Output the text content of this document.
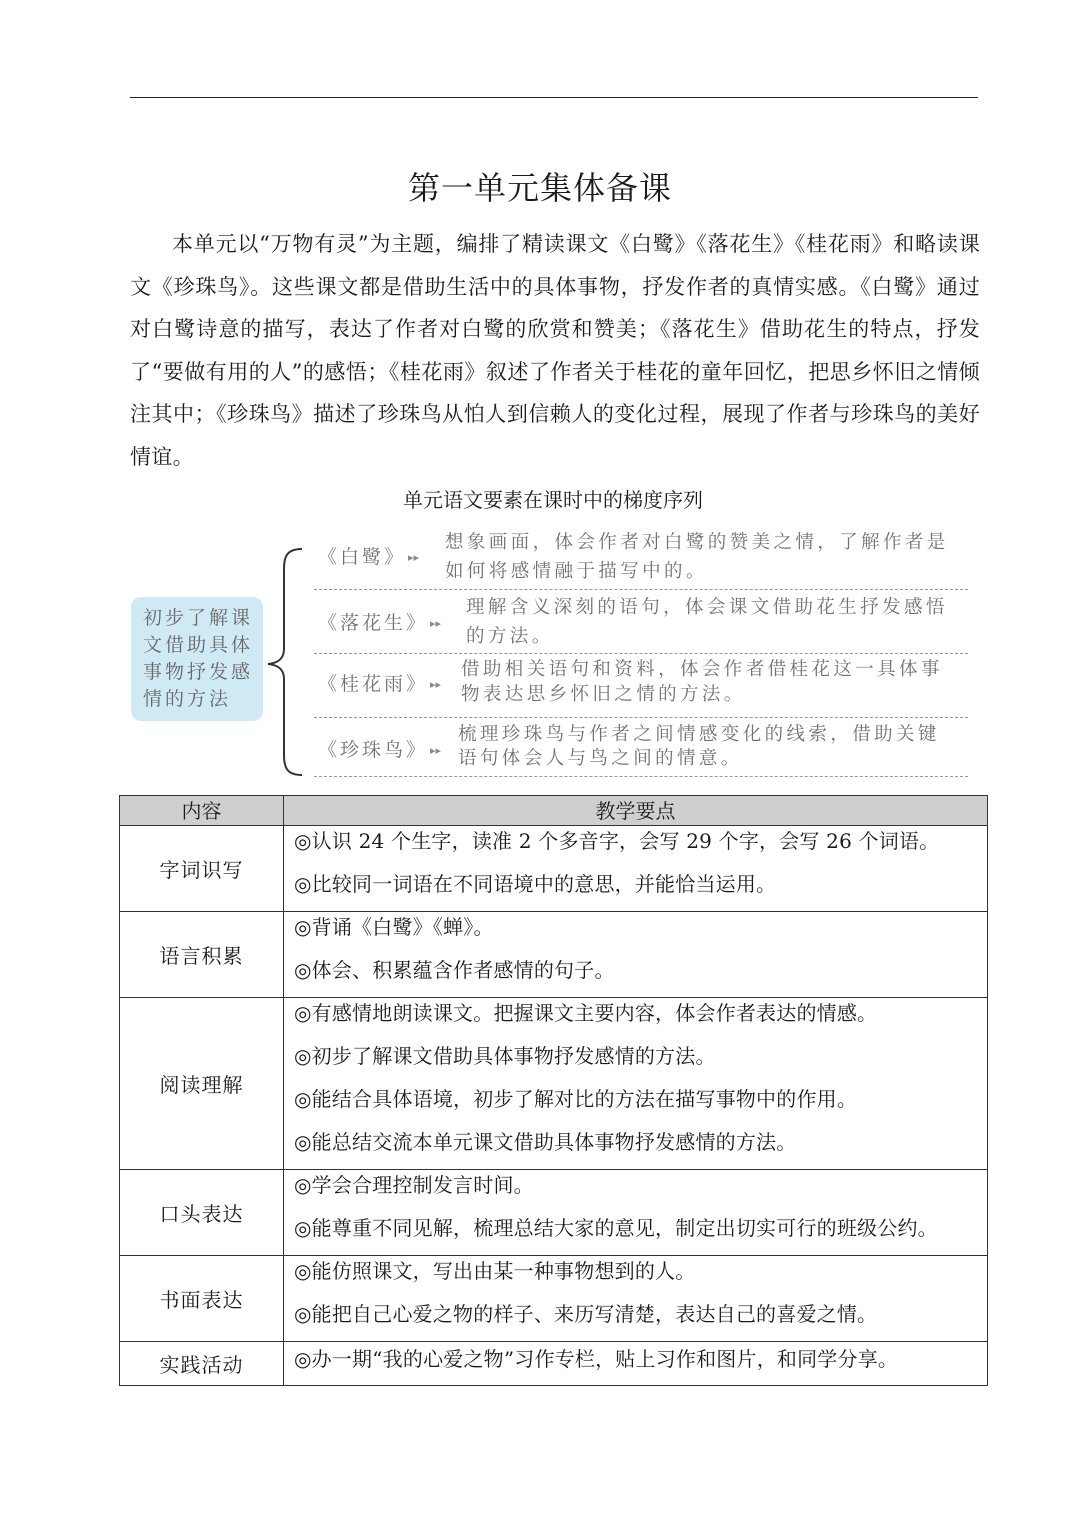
第一单元集体备课

本单元以“万物有灵”为主题，编排了精读课文《白鹭》《落花生》《桂花雨》和略读课文《珍珠鸟》。这些课文都是借助生活中的具体事物，抒发作者的真情实感。《白鹭》通过对白鹭诗意的描写，表达了作者对白鹭的欣赏和赞美；《落花生》借助花生的特点，抒发了“要做有用的人”的感悟；《桂花雨》叙述了作者关于桂花的童年回忆，把思乡怀旧之情倾注其中；《珍珠鸟》描述了珍珠鸟从怕人到信赖人的变化过程，展现了作者与珍珠鸟的美好情谊。

单元语文要素在课时中的梯度序列
初步了解课文借助具体事物抒发感情的方法
《白鹭》 ▸▸
想象画面，体会作者对白鹭的赞美之情，了解作者是
如何将感情融于描写中的。
《落花生》 ▸▸
理解含义深刻的语句，体会课文借助花生抒发感悟
的方法。
《桂花雨》 ▸▸
借助相关语句和资料，体会作者借桂花这一具体事
物表达思乡怀旧之情的方法。
《珍珠鸟》 ▸▸
梳理珍珠鸟与作者之间情感变化的线索，借助关键
语句体会人与鸟之间的情意。
内容	教学要点
字词识写	◎认识 24 个生字，读准 2 个多音字，会写 29 个字，会写 26 个词语。
◎比较同一词语在不同语境中的意思，并能恰当运用。

语言积累	◎背诵《白鹭》《蝉》。
◎体会、积累蕴含作者感情的句子。

阅读理解	◎有感情地朗读课文。把握课文主要内容，体会作者表达的情感。
◎初步了解课文借助具体事物抒发感情的方法。
◎能结合具体语境，初步了解对比的方法在描写事物中的作用。
◎能总结交流本单元课文借助具体事物抒发感情的方法。

口头表达	◎学会合理控制发言时间。
◎能尊重不同见解，梳理总结大家的意见，制定出切实可行的班级公约。

书面表达	◎能仿照课文，写出由某一种事物想到的人。
◎能把自己心爱之物的样子、来历写清楚，表达自己的喜爱之情。

实践活动	◎办一期“我的心爱之物”习作专栏，贴上习作和图片，和同学分享。
